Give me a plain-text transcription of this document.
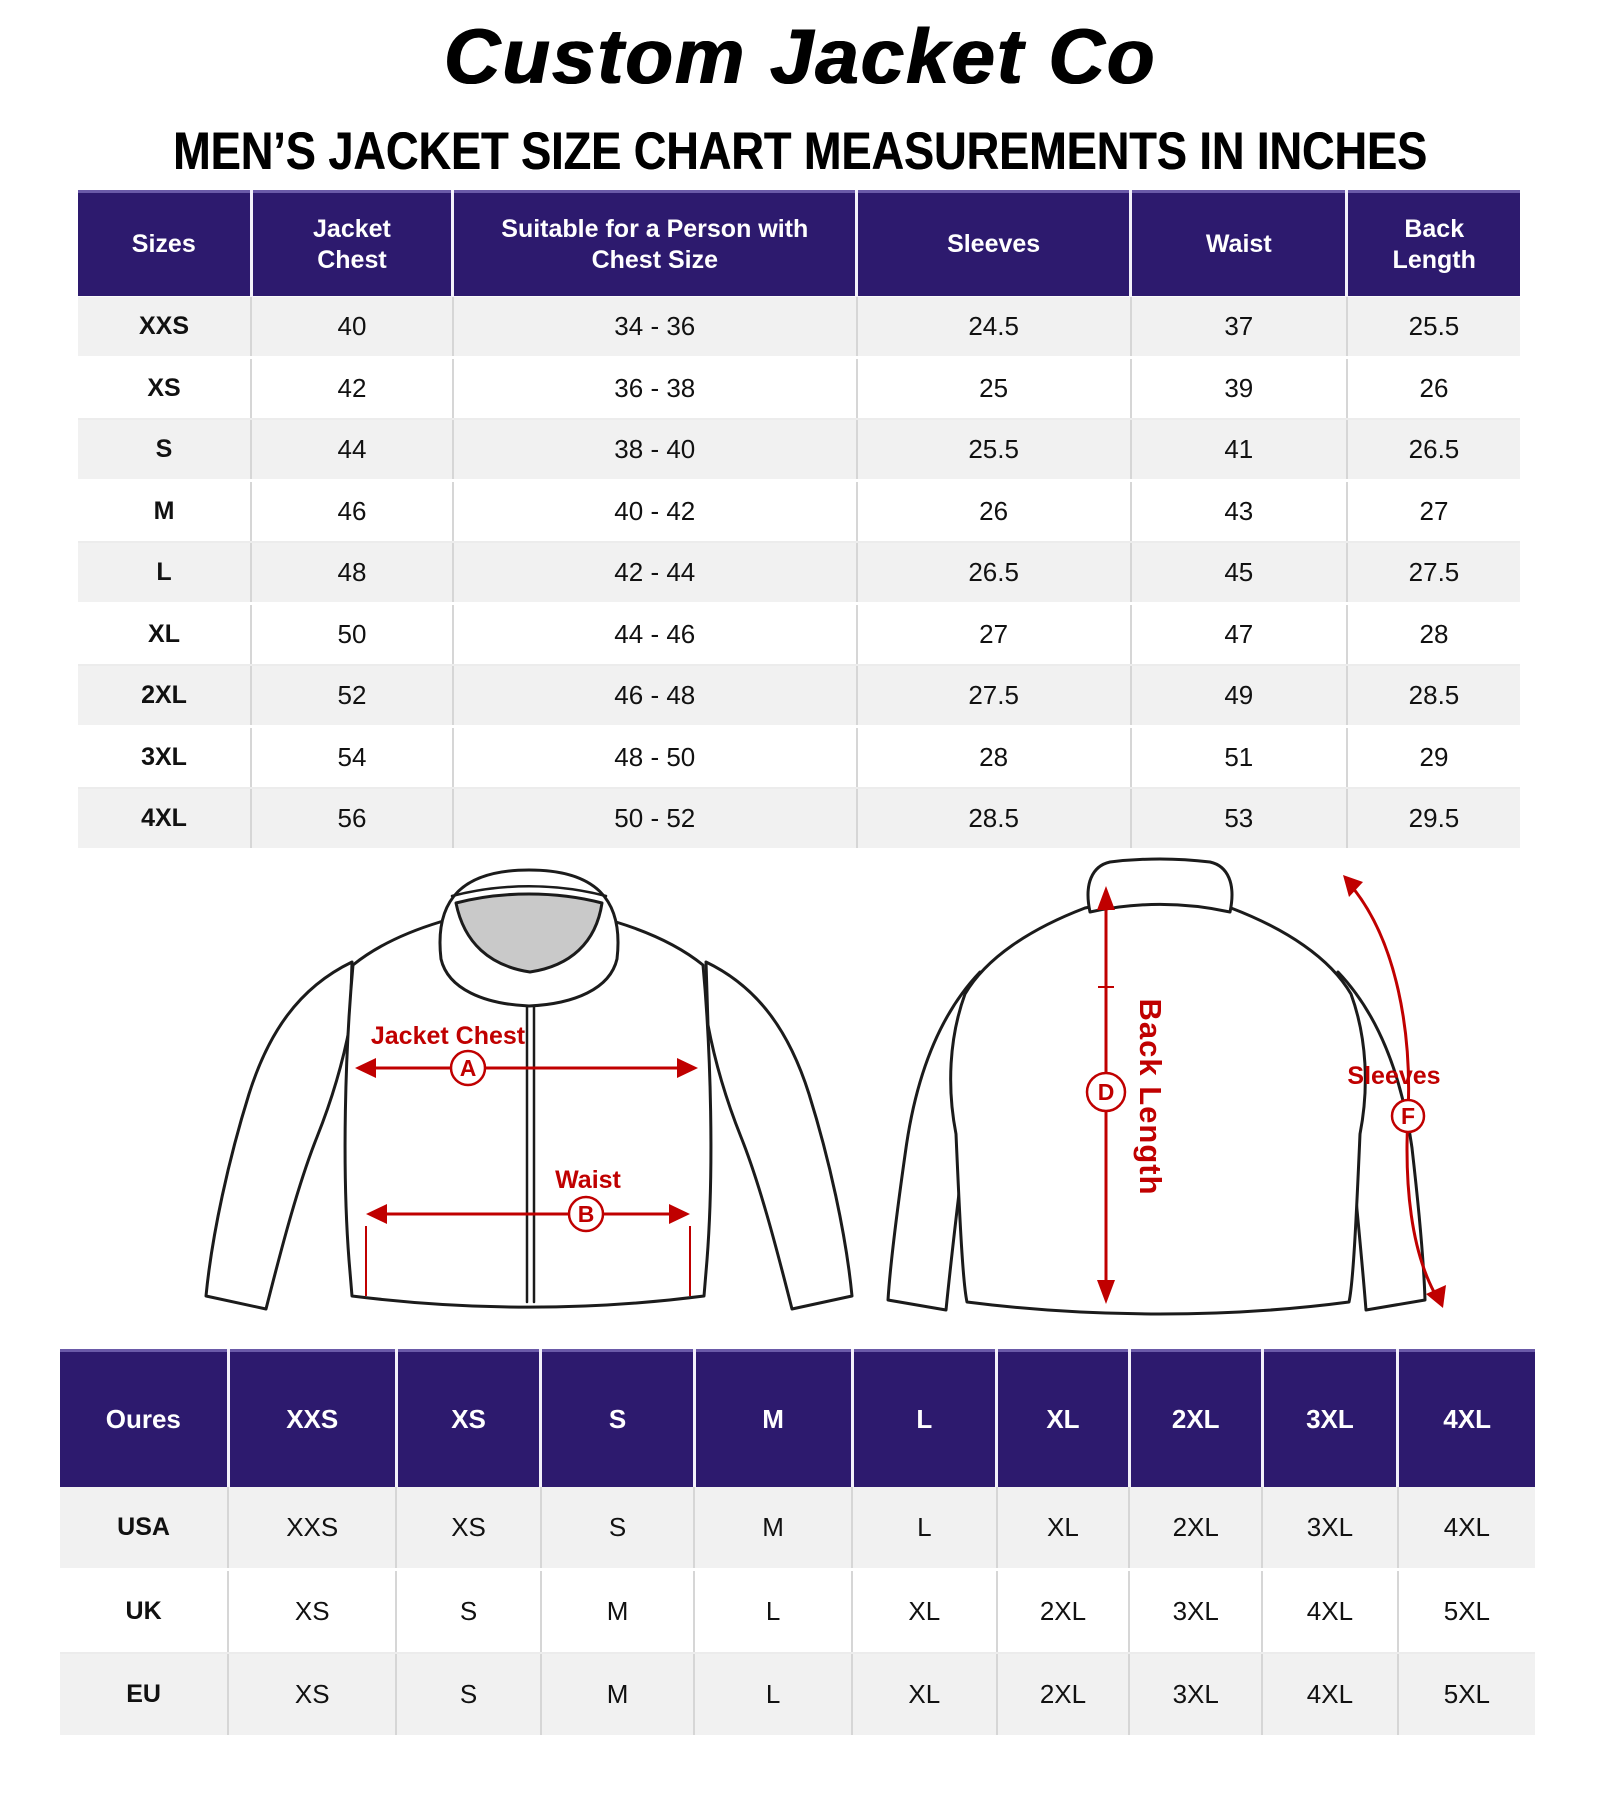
Custom Jacket Co
MEN’S JACKET SIZE CHART MEASUREMENTS IN INCHES
Sizes	Jacket Chest	Suitable for a Person with Chest Size	Sleeves	Waist	Back Length
XXS	40	34 - 36	24.5	37	25.5
XS	42	36 - 38	25	39	26
S	44	38 - 40	25.5	41	26.5
M	46	40 - 42	26	43	27
L	48	42 - 44	26.5	45	27.5
XL	50	44 - 46	27	47	28
2XL	52	46 - 48	27.5	49	28.5
3XL	54	48 - 50	28	51	29
4XL	56	50 - 52	28.5	53	29.5
Jacket Chest
A
Waist
B
Back Length
D
Sleeves
F
Oures	XXS	XS	S	M	L	XL	2XL	3XL	4XL
USA	XXS	XS	S	M	L	XL	2XL	3XL	4XL
UK	XS	S	M	L	XL	2XL	3XL	4XL	5XL
EU	XS	S	M	L	XL	2XL	3XL	4XL	5XL
